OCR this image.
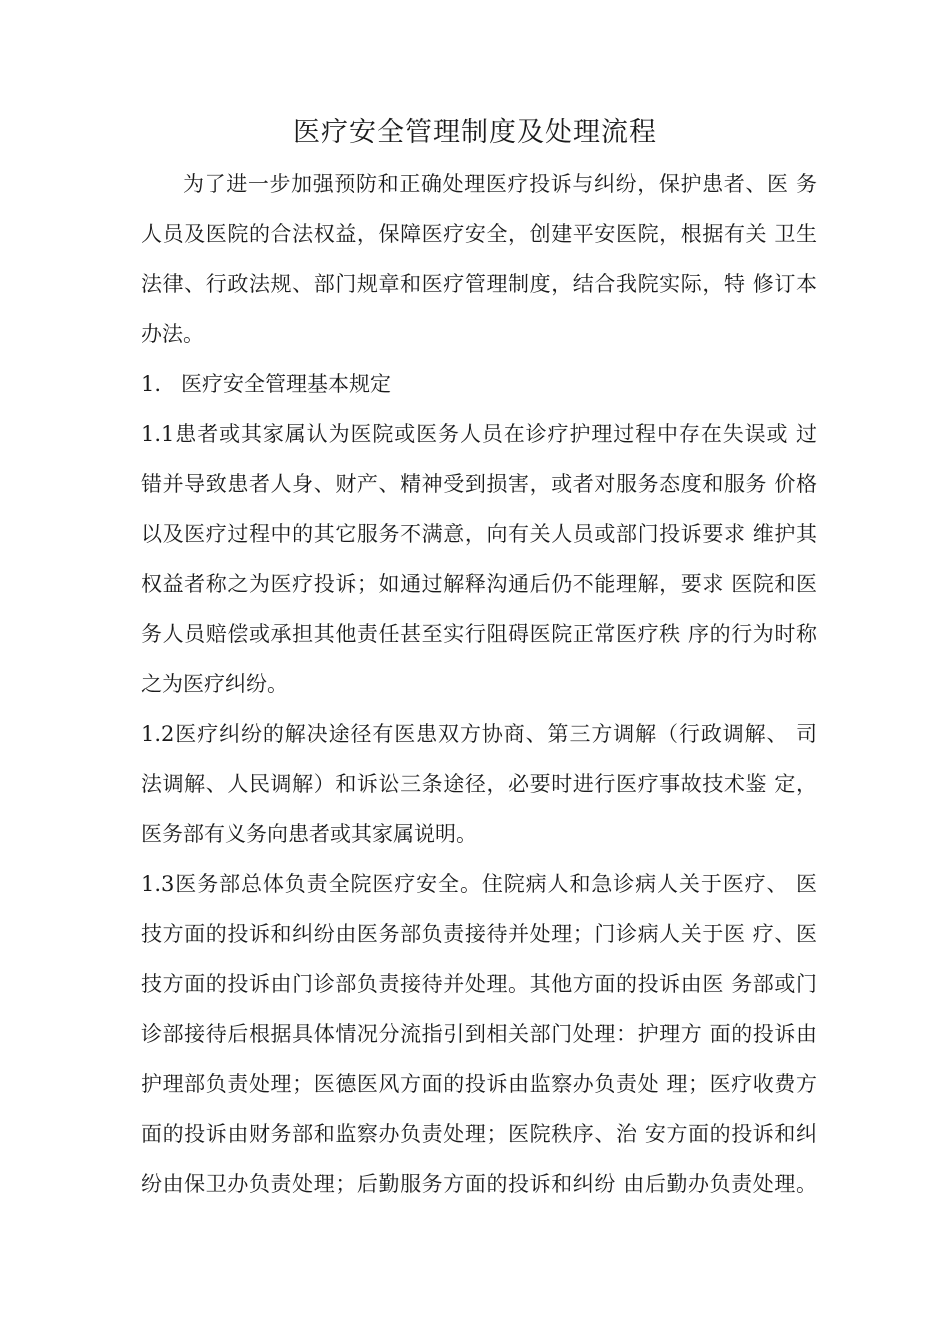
医疗安全管理制度及处理流程
为了进一步加强预防和正确处理医疗投诉与纠纷，保护患者、医 务
人员及医院的合法权益，保障医疗安全，创建平安医院，根据有关 卫生
法律、行政法规、部门规章和医疗管理制度，结合我院实际，特 修订本
办法。
1. 医疗安全管理基本规定
1.1患者或其家属认为医院或医务人员在诊疗护理过程中存在失误或 过
错并导致患者人身、财产、精神受到损害，或者对服务态度和服务 价格
以及医疗过程中的其它服务不满意，向有关人员或部门投诉要求 维护其
权益者称之为医疗投诉；如通过解释沟通后仍不能理解，要求 医院和医
务人员赔偿或承担其他责任甚至实行阻碍医院正常医疗秩 序的行为时称
之为医疗纠纷。
1.2医疗纠纷的解决途径有医患双方协商、第三方调解（行政调解、 司
法调解、人民调解）和诉讼三条途径，必要时进行医疗事故技术鉴 定，
医务部有义务向患者或其家属说明。
1.3医务部总体负责全院医疗安全。住院病人和急诊病人关于医疗、 医
技方面的投诉和纠纷由医务部负责接待并处理；门诊病人关于医 疗、医
技方面的投诉由门诊部负责接待并处理。其他方面的投诉由医 务部或门
诊部接待后根据具体情况分流指引到相关部门处理：护理方 面的投诉由
护理部负责处理；医德医风方面的投诉由监察办负责处 理；医疗收费方
面的投诉由财务部和监察办负责处理；医院秩序、治 安方面的投诉和纠
纷由保卫办负责处理；后勤服务方面的投诉和纠纷 由后勤办负责处理。
